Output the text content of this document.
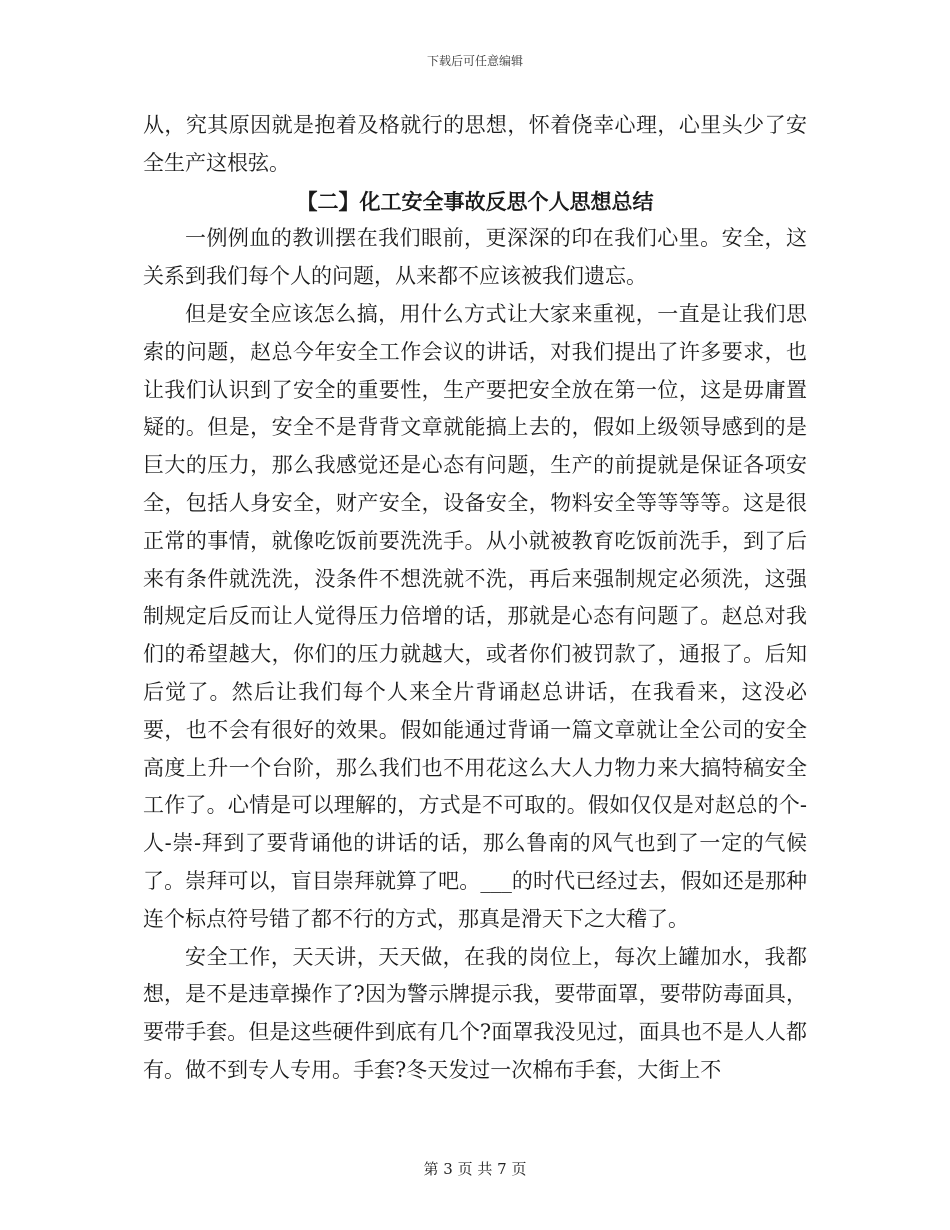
下载后可任意编辑

从，究其原因就是抱着及格就行的思想，怀着侥幸心理，心里头少了安全生产这根弦。

【二】化工安全事故反思个人思想总结

一例例血的教训摆在我们眼前，更深深的印在我们心里。安全，这关系到我们每个人的问题，从来都不应该被我们遗忘。

但是安全应该怎么搞，用什么方式让大家来重视，一直是让我们思索的问题，赵总今年安全工作会议的讲话，对我们提出了许多要求，也让我们认识到了安全的重要性，生产要把安全放在第一位，这是毋庸置疑的。但是，安全不是背背文章就能搞上去的，假如上级领导感到的是巨大的压力，那么我感觉还是心态有问题，生产的前提就是保证各项安全，包括人身安全，财产安全，设备安全，物料安全等等等等。这是很正常的事情，就像吃饭前要洗洗手。从小就被教育吃饭前洗手，到了后来有条件就洗洗，没条件不想洗就不洗，再后来强制规定必须洗，这强制规定后反而让人觉得压力倍增的话，那就是心态有问题了。赵总对我们的希望越大，你们的压力就越大，或者你们被罚款了，通报了。后知后觉了。然后让我们每个人来全片背诵赵总讲话，在我看来，这没必要，也不会有很好的效果。假如能通过背诵一篇文章就让全公司的安全高度上升一个台阶，那么我们也不用花这么大人力物力来大搞特稿安全工作了。心情是可以理解的，方式是不可取的。假如仅仅是对赵总的个-人-崇-拜到了要背诵他的讲话的话，那么鲁南的风气也到了一定的气候了。崇拜可以，盲目崇拜就算了吧。___的时代已经过去，假如还是那种连个标点符号错了都不行的方式，那真是滑天下之大稽了。

安全工作，天天讲，天天做，在我的岗位上，每次上罐加水，我都想，是不是违章操作了?因为警示牌提示我，要带面罩，要带防毒面具，要带手套。但是这些硬件到底有几个?面罩我没见过，面具也不是人人都有。做不到专人专用。手套?冬天发过一次棉布手套，大街上不

第 3 页 共 7 页
